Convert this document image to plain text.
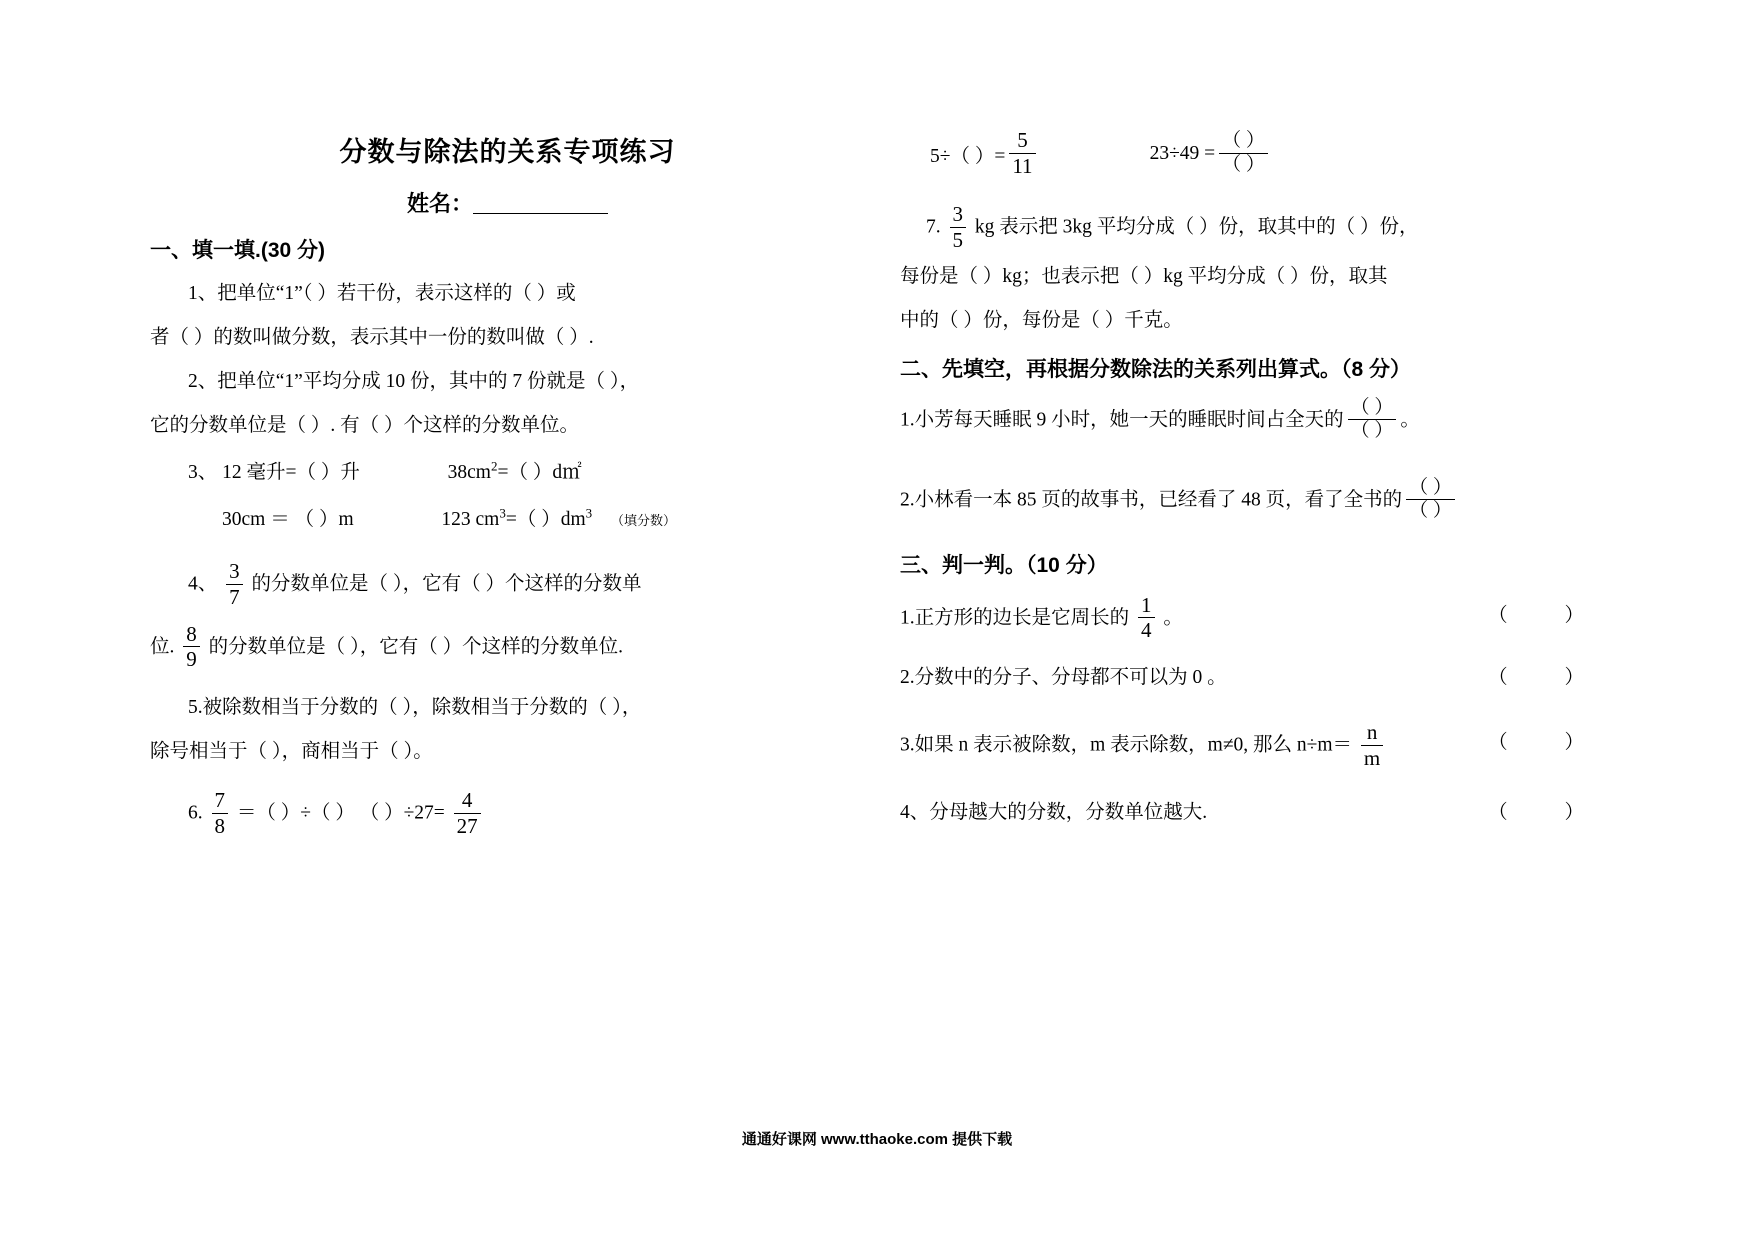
分数与除法的关系专项练习
姓名：
一、填一填.(30 分)
1、把单位“1”（ ）若干份，表示这样的（ ）或
者（ ）的数叫做分数，表示其中一份的数叫做（ ）.
2、把单位“1”平均分成 10 份，其中的 7 份就是（ ），
它的分数单位是（ ）. 有（ ）个这样的分数单位。
3、 12 毫升=（ ）升	$38cm^2=$（ ）d㎡
30cm ＝ （ ）m	123 $cm^3=$（ ）$dm^3$ （填分数）
4、 $\frac{3}{7}$ 的分数单位是（ ），它有（ ）个这样的分数单
位. $\frac{8}{9}$ 的分数单位是（ ），它有（ ）个这样的分数单位.
5.被除数相当于分数的（ ），除数相当于分数的（ ），
除号相当于（ ），商相当于（ ）。
6. $\frac{7}{8}$ ＝（ ）÷（ ） （ ）$\div 27= \frac{4}{27}$
5÷（ ）= $\frac{5}{11}$	$23\div 49 = \frac{( )}{( )}$
7. $\frac{3}{5}$ kg 表示把 3kg 平均分成（ ）份，取其中的（ ）份，
每份是（ ）kg；也表示把（ ）kg 平均分成（ ）份，取其
中的（ ）份，每份是（ ）千克。
二、先填空，再根据分数除法的关系列出算式。（8 分）
1.小芳每天睡眠 9 小时，她一天的睡眠时间占全天的 $\frac{( )}{( )}$ 。
2.小林看一本 85 页的故事书，已经看了 48 页，看了全书的 $\frac{( )}{( )}$
三、判一判。（10 分）
1.正方形的边长是它周长的 $\frac{1}{4}$ 。	（ ）
2.分数中的分子、分母都不可以为 0 。	（ ）
3.如果 n 表示被除数，m 表示除数，m≠0, 那么 $n\div m= \frac{n}{m}$	（ ）
4、分母越大的分数，分数单位越大.	（ ）
通通好课网 www.tthaoke.com 提供下载
